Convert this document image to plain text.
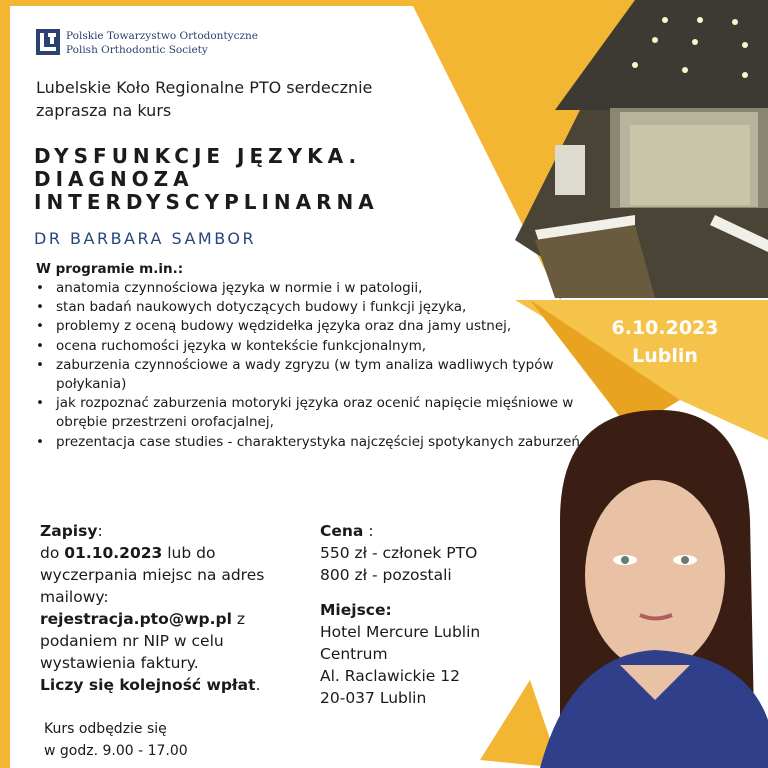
Polskie Towarzystwo Ortodontyczne
Polish Orthodontic Society
Lubelskie Koło Regionalne PTO serdecznie
zaprasza na kurs
DYSFUNKCJE JĘZYKA.
DIAGNOZA
INTERDYSCYPLINARNA
DR BARBARA SAMBOR
W programie m.in.:
• anatomia czynnościowa języka w normie i w patologii,
• stan badań naukowych dotyczących budowy i funkcji języka,
• problemy z oceną budowy wędzidełka języka oraz dna jamy ustnej,
• ocena ruchomości języka w kontekście funkcjonalnym,
• zaburzenia czynnościowe a wady zgryzu (w tym analiza wadliwych typów połykania)
• jak rozpoznać zaburzenia motoryki języka oraz ocenić napięcie mięśniowe w obrębie przestrzeni orofacjalnej,
• prezentacja case studies - charakterystyka najczęściej spotykanych zaburzeń.
6.10.2023
Lublin
Zapisy:
do 01.10.2023 lub do wyczerpania miejsc na adres mailowy:
rejestracja.pto@wp.pl z podaniem nr NIP w celu wystawienia faktury.
Liczy się kolejność wpłat.
Cena :
550 zł - członek PTO
800 zł - pozostali
Miejsce:
Hotel Mercure Lublin
Centrum
Al. Raclawickie 12
20-037 Lublin
Kurs odbędzie się
w godz. 9.00 - 17.00
